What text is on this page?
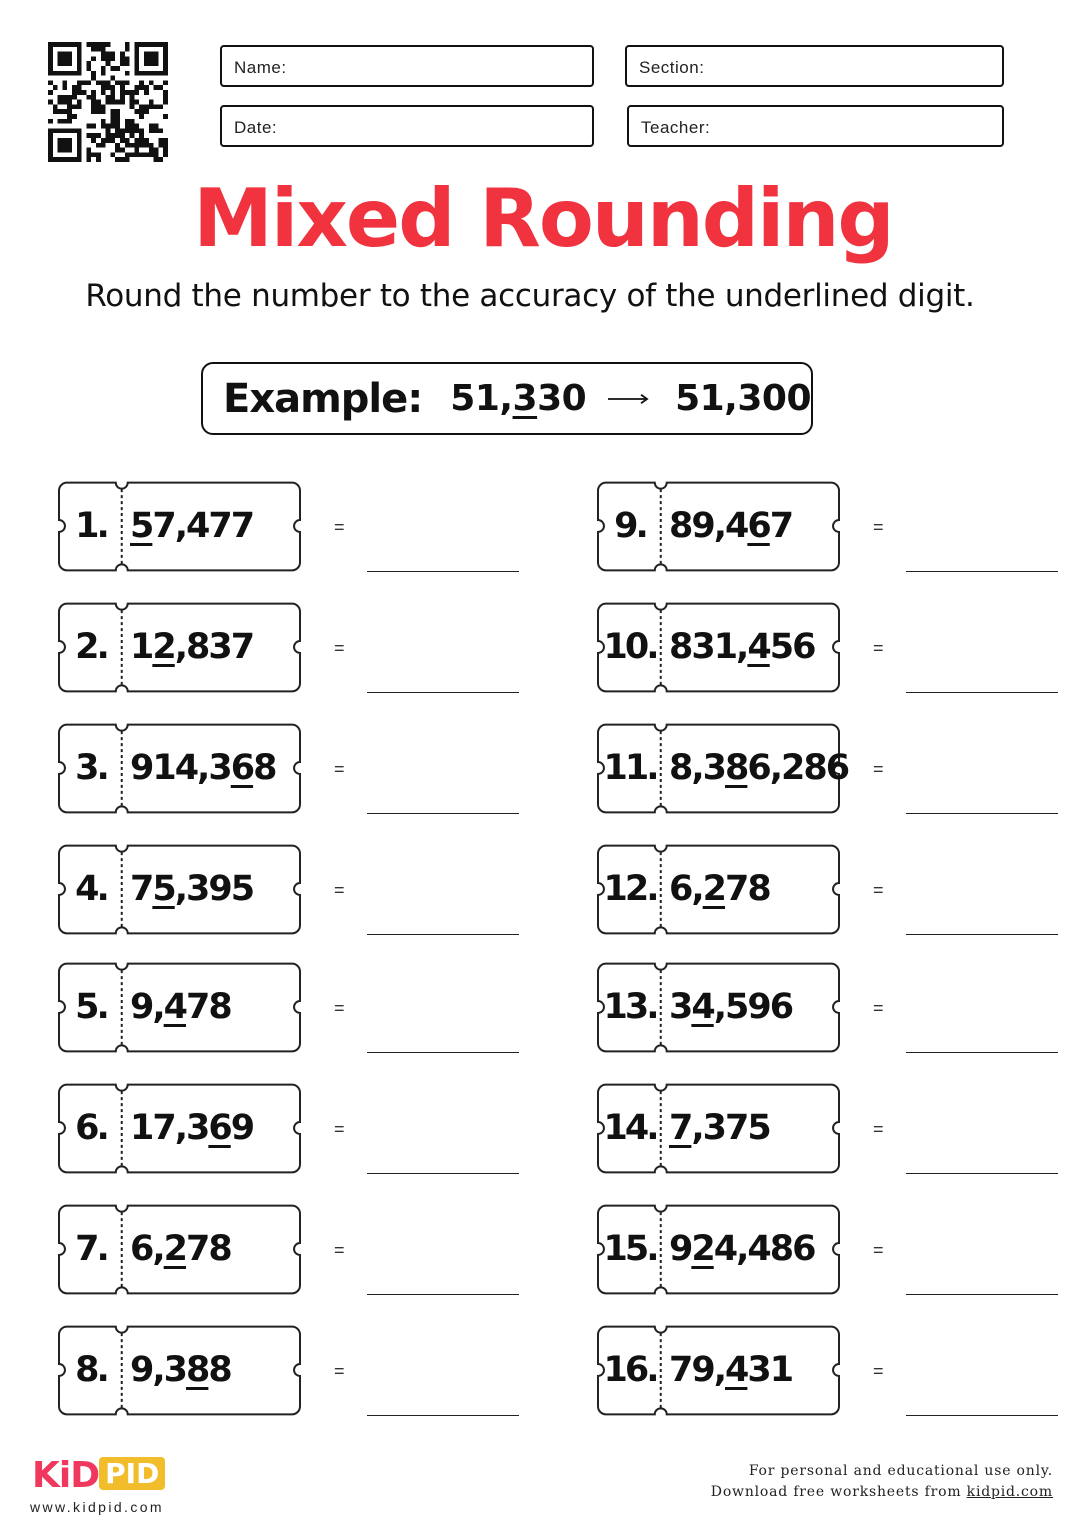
Name:	Section:
Date:	Teacher:
Mixed Rounding
Round the number to the accuracy of the underlined digit.
Example: 51,330 51,300
1. 57,477	=
2. 12,837	=
3. 914,368	=
4. 75,395	=
5. 9,478	=
6. 17,369	=
7. 6,278	=
8. 9,388	=
9. 89,467	=
10. 831,456	=
11. 8,386,286 =
12. 6,278	=
13. 34,596	=
14. 7,375	=
15. 924,486	=
16. 79,431	=
KiD PID
www.kidpid.com
For personal and educational use only.
Download free worksheets from kidpid.com
